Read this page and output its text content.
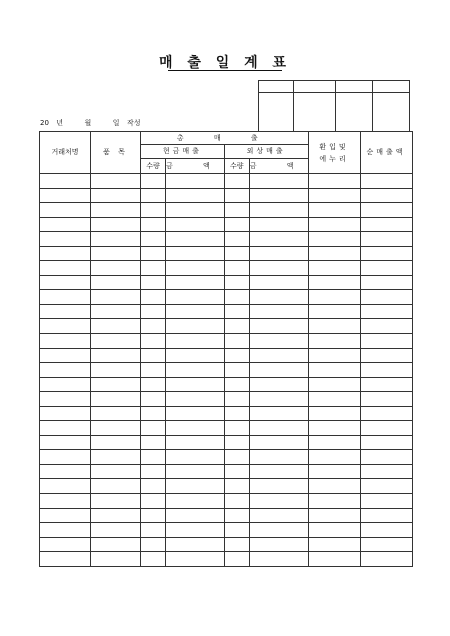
매 출 일 계 표

20 년	월	일 작성
거래처명	품 목	총 매 출				환입및 에누리	순매출액
		현금매출		외상매출			
		수량	금 액	수량	금 액		
